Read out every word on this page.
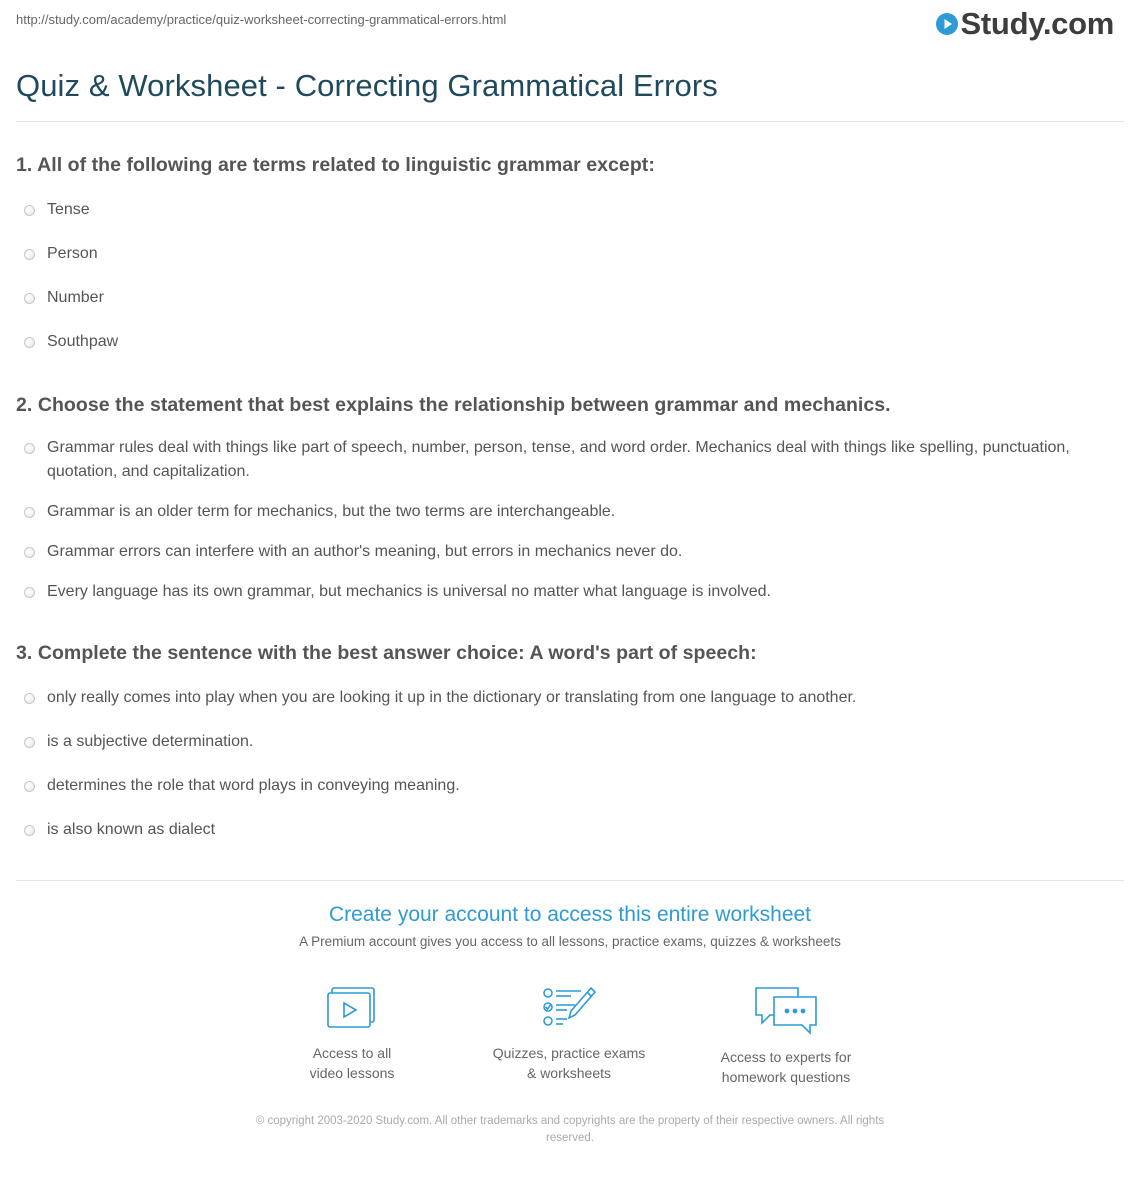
http://study.com/academy/practice/quiz-worksheet-correcting-grammatical-errors.html	Study.com
Quiz & Worksheet - Correcting Grammatical Errors
1. All of the following are terms related to linguistic grammar except:
Tense
Person
Number
Southpaw
2. Choose the statement that best explains the relationship between grammar and mechanics.
Grammar rules deal with things like part of speech, number, person, tense, and word order. Mechanics deal with things like spelling, punctuation, quotation, and capitalization.
Grammar is an older term for mechanics, but the two terms are interchangeable.
Grammar errors can interfere with an author's meaning, but errors in mechanics never do.
Every language has its own grammar, but mechanics is universal no matter what language is involved.
3. Complete the sentence with the best answer choice: A word's part of speech:
only really comes into play when you are looking it up in the dictionary or translating from one language to another.
is a subjective determination.
determines the role that word plays in conveying meaning.
is also known as dialect
Create your account to access this entire worksheet
A Premium account gives you access to all lessons, practice exams, quizzes & worksheets
Access to all
video lessons
Quizzes, practice exams
& worksheets
Access to experts for
homework questions
© copyright 2003-2020 Study.com. All other trademarks and copyrights are the property of their respective owners. All rights
reserved.
